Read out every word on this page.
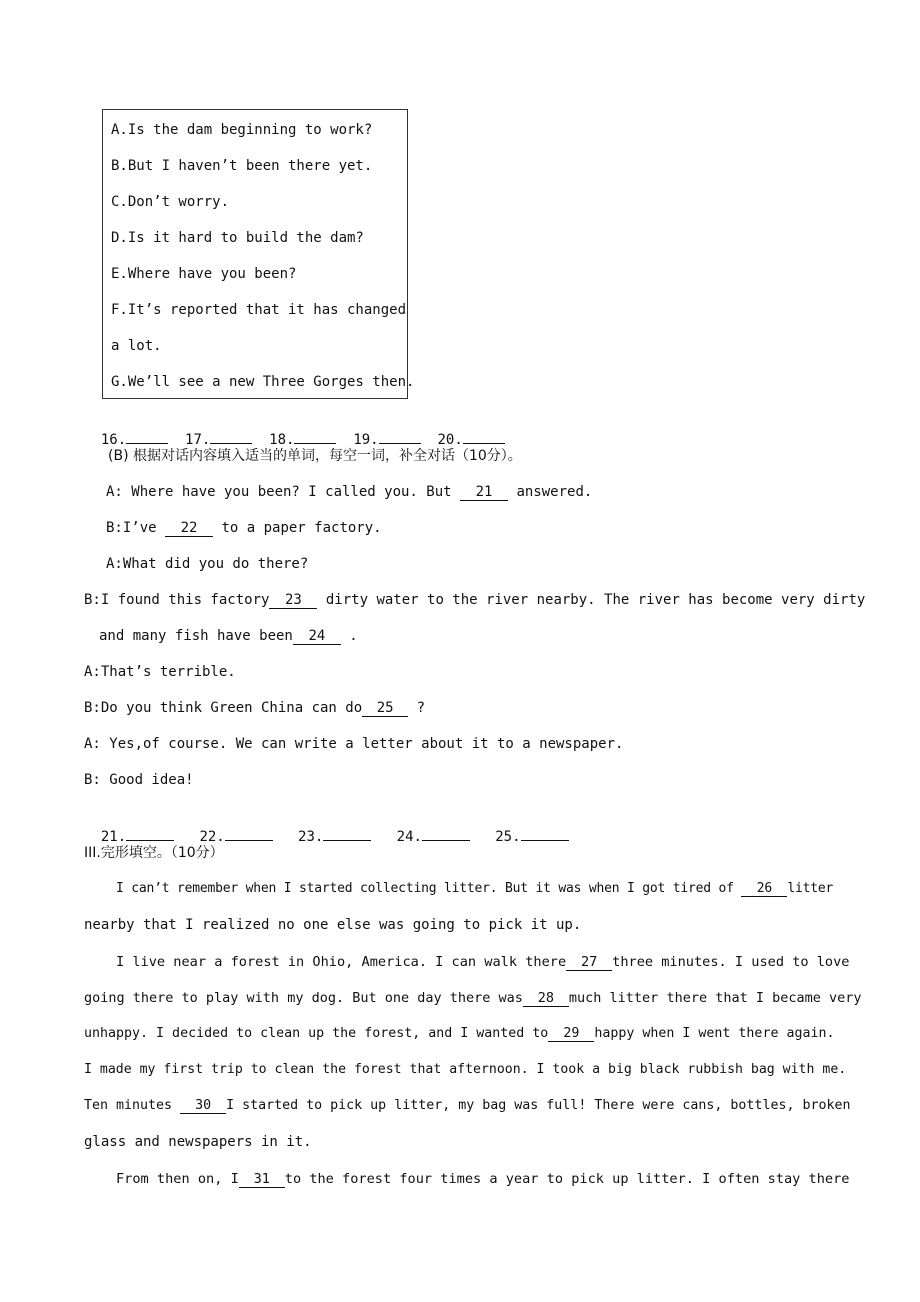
A.Is the dam beginning to work?
B.But I haven’t been there yet.
C.Don’t worry.
D.Is it hard to build the dam?
E.Where have you been?
F.It’s reported that it has changed
a lot.
G.We’ll see a new Three Gorges then.

16.	17.	18.	19.	20.

(B) 根据对话内容填入适当的单词，每空一词，补全对话（10分）。
A: Where have you been? I called you. But 21 answered.
B:I’ve 22 to a paper factory.
A:What did you do there?
B:I found this factory 23 dirty water to the river nearby. The river has become very dirty
and many fish have been 24 .
A:That’s terrible.
B:Do you think Green China can do 25 ?
A: Yes,of course. We can write a letter about it to a newspaper.
B: Good idea!

21.	22.	23.	24.	25.

III.完形填空。（10分）
I can’t remember when I started collecting litter. But it was when I got tired of 26 litter
nearby that I realized no one else was going to pick it up.
I live near a forest in Ohio, America. I can walk there 27 three minutes. I used to love
going there to play with my dog. But one day there was 28 much litter there that I became very
unhappy. I decided to clean up the forest, and I wanted to 29 happy when I went there again.
I made my first trip to clean the forest that afternoon. I took a big black rubbish bag with me.
Ten minutes 30 I started to pick up litter, my bag was full! There were cans, bottles, broken
glass and newspapers in it.
From then on, I 31 to the forest four times a year to pick up litter. I often stay there
